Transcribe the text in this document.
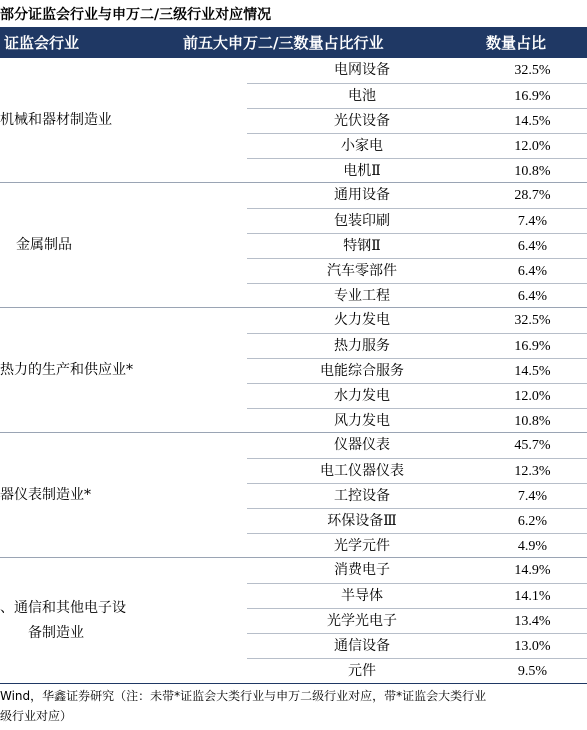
部分证监会行业与申万二/三级行业对应情况
证监会行业	前五大申万二/三数量占比行业	数量占比
机械和器材制造业
电网设备	32.5%
电池	16.9%
光伏设备	14.5%
小家电	12.0%
电机Ⅱ	10.8%
金属制品
通用设备	28.7%
包装印刷	7.4%
特钢Ⅱ	6.4%
汽车零部件	6.4%
专业工程	6.4%
热力的生产和供应业*
火力发电	32.5%
热力服务	16.9%
电能综合服务	14.5%
水力发电	12.0%
风力发电	10.8%
器仪表制造业*
仪器仪表	45.7%
电工仪器仪表	12.3%
工控设备	7.4%
环保设备Ⅲ	6.2%
光学元件	4.9%
、通信和其他电子设
备制造业
消费电子	14.9%
半导体	14.1%
光学光电子	13.4%
通信设备	13.0%
元件	9.5%
Wind，华鑫证券研究（注：未带*证监会大类行业与申万二级行业对应，带*证监会大类行业
级行业对应）
